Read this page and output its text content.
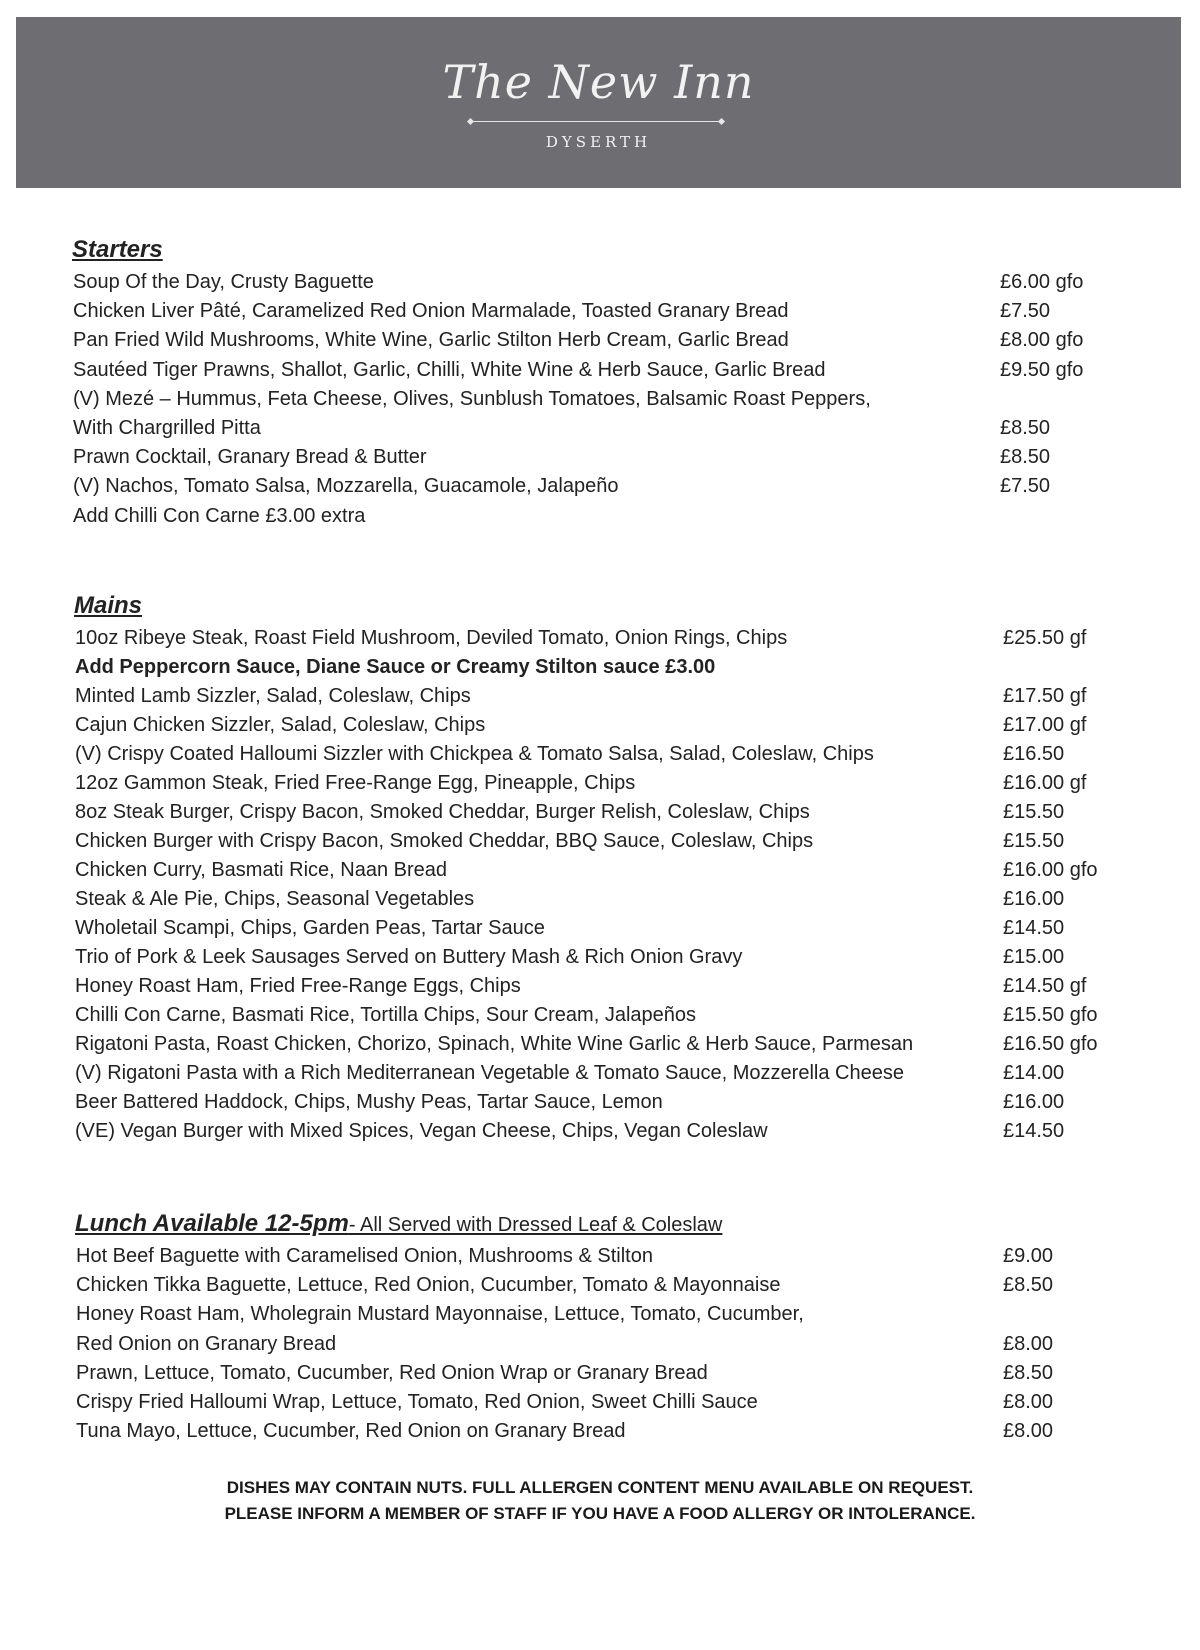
The New Inn
DYSERTH
Starters
Soup Of the Day, Crusty Baguette	£6.00 gfo
Chicken Liver Pâté, Caramelized Red Onion Marmalade, Toasted Granary Bread	£7.50
Pan Fried Wild Mushrooms, White Wine, Garlic Stilton Herb Cream, Garlic Bread	£8.00 gfo
Sautéed Tiger Prawns, Shallot, Garlic, Chilli, White Wine & Herb Sauce, Garlic Bread	£9.50 gfo
(V) Mezé – Hummus, Feta Cheese, Olives, Sunblush Tomatoes, Balsamic Roast Peppers,
With Chargrilled Pitta	£8.50
Prawn Cocktail, Granary Bread & Butter	£8.50
(V) Nachos, Tomato Salsa, Mozzarella, Guacamole, Jalapeño	£7.50
Add Chilli Con Carne £3.00 extra
Mains
10oz Ribeye Steak, Roast Field Mushroom, Deviled Tomato, Onion Rings, Chips	£25.50 gf
Add Peppercorn Sauce, Diane Sauce or Creamy Stilton sauce £3.00
Minted Lamb Sizzler, Salad, Coleslaw, Chips	£17.50 gf
Cajun Chicken Sizzler, Salad, Coleslaw, Chips	£17.00 gf
(V) Crispy Coated Halloumi Sizzler with Chickpea & Tomato Salsa, Salad, Coleslaw, Chips	£16.50
12oz Gammon Steak, Fried Free-Range Egg, Pineapple, Chips	£16.00 gf
8oz Steak Burger, Crispy Bacon, Smoked Cheddar, Burger Relish, Coleslaw, Chips	£15.50
Chicken Burger with Crispy Bacon, Smoked Cheddar, BBQ Sauce, Coleslaw, Chips	£15.50
Chicken Curry, Basmati Rice, Naan Bread	£16.00 gfo
Steak & Ale Pie, Chips, Seasonal Vegetables	£16.00
Wholetail Scampi, Chips, Garden Peas, Tartar Sauce	£14.50
Trio of Pork & Leek Sausages Served on Buttery Mash & Rich Onion Gravy	£15.00
Honey Roast Ham, Fried Free-Range Eggs, Chips	£14.50 gf
Chilli Con Carne, Basmati Rice, Tortilla Chips, Sour Cream, Jalapeños	£15.50 gfo
Rigatoni Pasta, Roast Chicken, Chorizo, Spinach, White Wine Garlic & Herb Sauce, Parmesan	£16.50 gfo
(V) Rigatoni Pasta with a Rich Mediterranean Vegetable & Tomato Sauce, Mozzerella Cheese	£14.00
Beer Battered Haddock, Chips, Mushy Peas, Tartar Sauce, Lemon	£16.00
(VE) Vegan Burger with Mixed Spices, Vegan Cheese, Chips, Vegan Coleslaw	£14.50
Lunch Available 12-5pm- All Served with Dressed Leaf & Coleslaw
Hot Beef Baguette with Caramelised Onion, Mushrooms & Stilton	£9.00
Chicken Tikka Baguette, Lettuce, Red Onion, Cucumber, Tomato & Mayonnaise	£8.50
Honey Roast Ham, Wholegrain Mustard Mayonnaise, Lettuce, Tomato, Cucumber,
Red Onion on Granary Bread	£8.00
Prawn, Lettuce, Tomato, Cucumber, Red Onion Wrap or Granary Bread	£8.50
Crispy Fried Halloumi Wrap, Lettuce, Tomato, Red Onion, Sweet Chilli Sauce	£8.00
Tuna Mayo, Lettuce, Cucumber, Red Onion on Granary Bread	£8.00
DISHES MAY CONTAIN NUTS. FULL ALLERGEN CONTENT MENU AVAILABLE ON REQUEST.
PLEASE INFORM A MEMBER OF STAFF IF YOU HAVE A FOOD ALLERGY OR INTOLERANCE.
